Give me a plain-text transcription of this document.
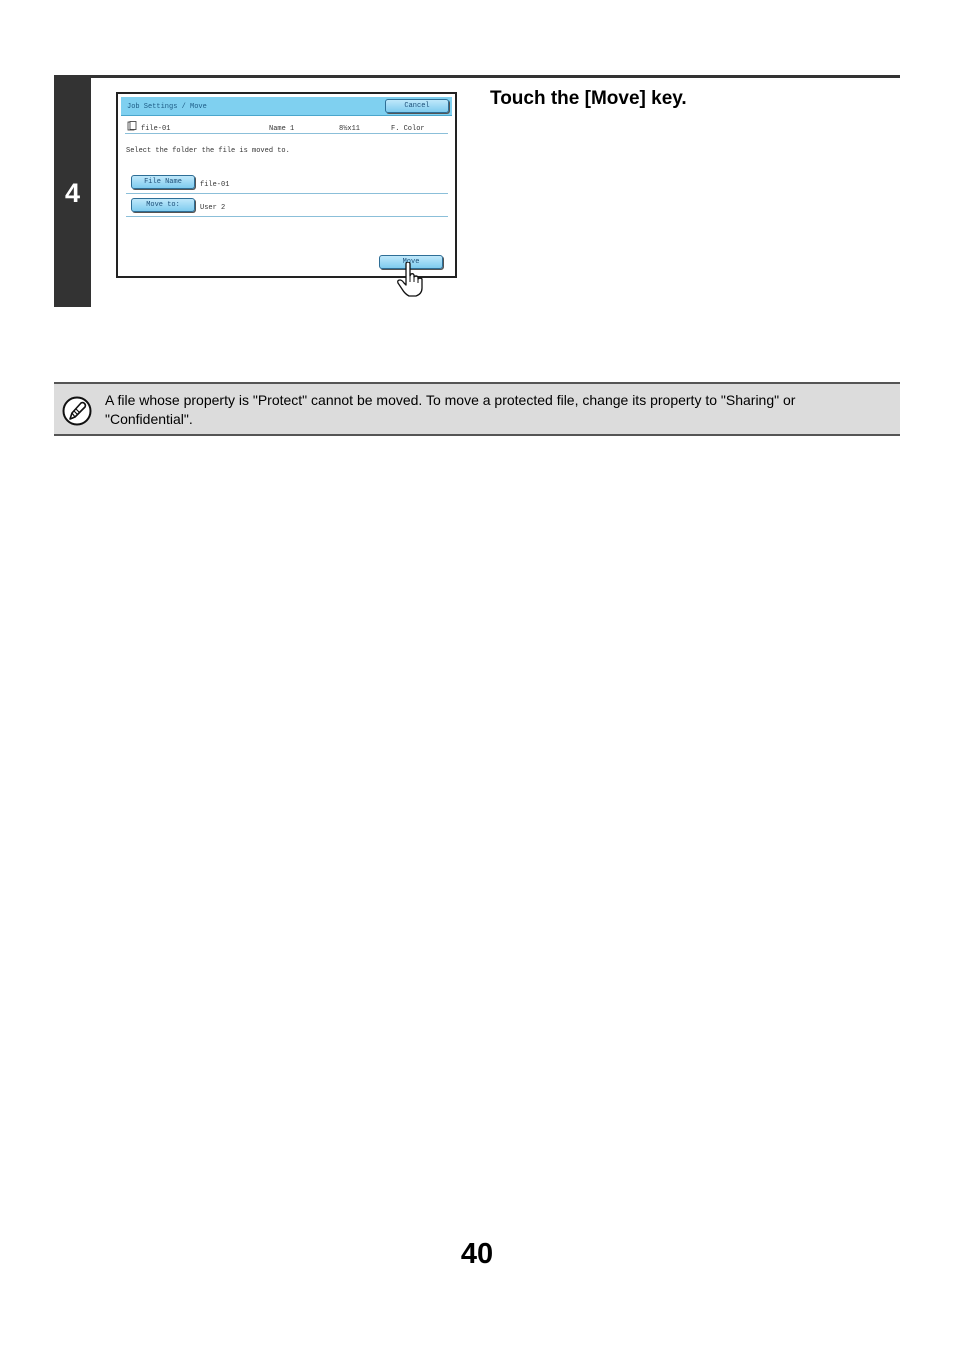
4
Touch the [Move] key.
Job Settings / Move	Cancel
file-01	Name 1	8½x11	F. Color
Select the folder the file is moved to.
File Name	file-01
Move to:	User 2
Move
A file whose property is "Protect" cannot be moved. To move a protected file, change its property to "Sharing" or "Confidential".
40
